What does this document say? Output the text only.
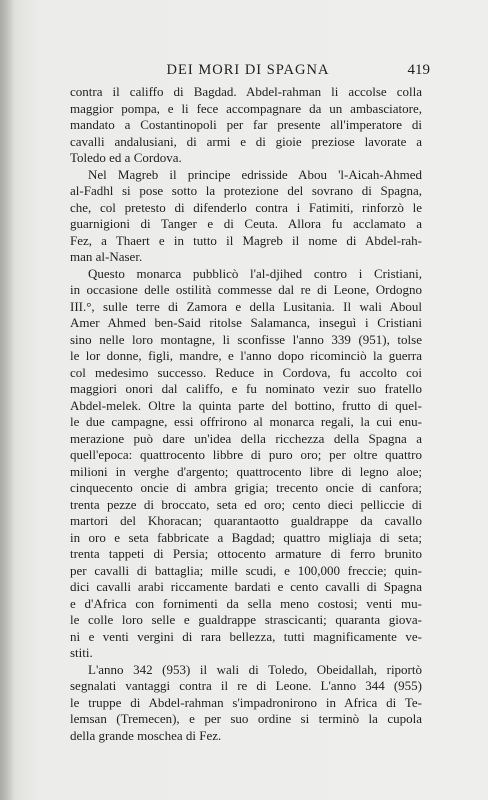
DEI MORI DI SPAGNA	419
contra il califfo di Bagdad. Abdel-rahman li accolse colla
maggior pompa, e li fece accompagnare da un ambasciatore,
mandato a Costantinopoli per far presente all'imperatore di
cavalli andalusiani, di armi e di gioie preziose lavorate a
Toledo ed a Cordova.
Nel Magreb il principe edrisside Abou 'l-Aicah-Ahmed
al-Fadhl si pose sotto la protezione del sovrano di Spagna,
che, col pretesto di difenderlo contra i Fatimiti, rinforzò le
guarnigioni di Tanger e di Ceuta. Allora fu acclamato a
Fez, a Thaert e in tutto il Magreb il nome di Abdel-rah-
man al-Naser.
Questo monarca pubblicò l'al-djihed contro i Cristiani,
in occasione delle ostilità commesse dal re di Leone, Ordogno
III.°, sulle terre di Zamora e della Lusitania. Il wali Aboul
Amer Ahmed ben-Said ritolse Salamanca, inseguì i Cristiani
sino nelle loro montagne, li sconfisse l'anno 339 (951), tolse
le lor donne, figli, mandre, e l'anno dopo ricominciò la guerra
col medesimo successo. Reduce in Cordova, fu accolto coi
maggiori onori dal califfo, e fu nominato vezir suo fratello
Abdel-melek. Oltre la quinta parte del bottino, frutto di quel-
le due campagne, essi offrirono al monarca regali, la cui enu-
merazione può dare un'idea della ricchezza della Spagna a
quell'epoca: quattrocento libbre di puro oro; per oltre quattro
milioni in verghe d'argento; quattrocento libre di legno aloe;
cinquecento oncie di ambra grigia; trecento oncie di canfora;
trenta pezze di broccato, seta ed oro; cento dieci pelliccie di
martori del Khoracan; quarantaotto gualdrappe da cavallo
in oro e seta fabbricate a Bagdad; quattro migliaja di seta;
trenta tappeti di Persia; ottocento armature di ferro brunito
per cavalli di battaglia; mille scudi, e 100,000 freccie; quin-
dici cavalli arabi riccamente bardati e cento cavalli di Spagna
e d'Africa con fornimenti da sella meno costosi; venti mu-
le colle loro selle e gualdrappe strascicanti; quaranta giova-
ni e venti vergini di rara bellezza, tutti magnificamente ve-
stiti.
L'anno 342 (953) il wali di Toledo, Obeidallah, riportò
segnalati vantaggi contra il re di Leone. L'anno 344 (955)
le truppe di Abdel-rahman s'impadronirono in Africa di Te-
lemsan (Tremecen), e per suo ordine si terminò la cupola
della grande moschea di Fez.
